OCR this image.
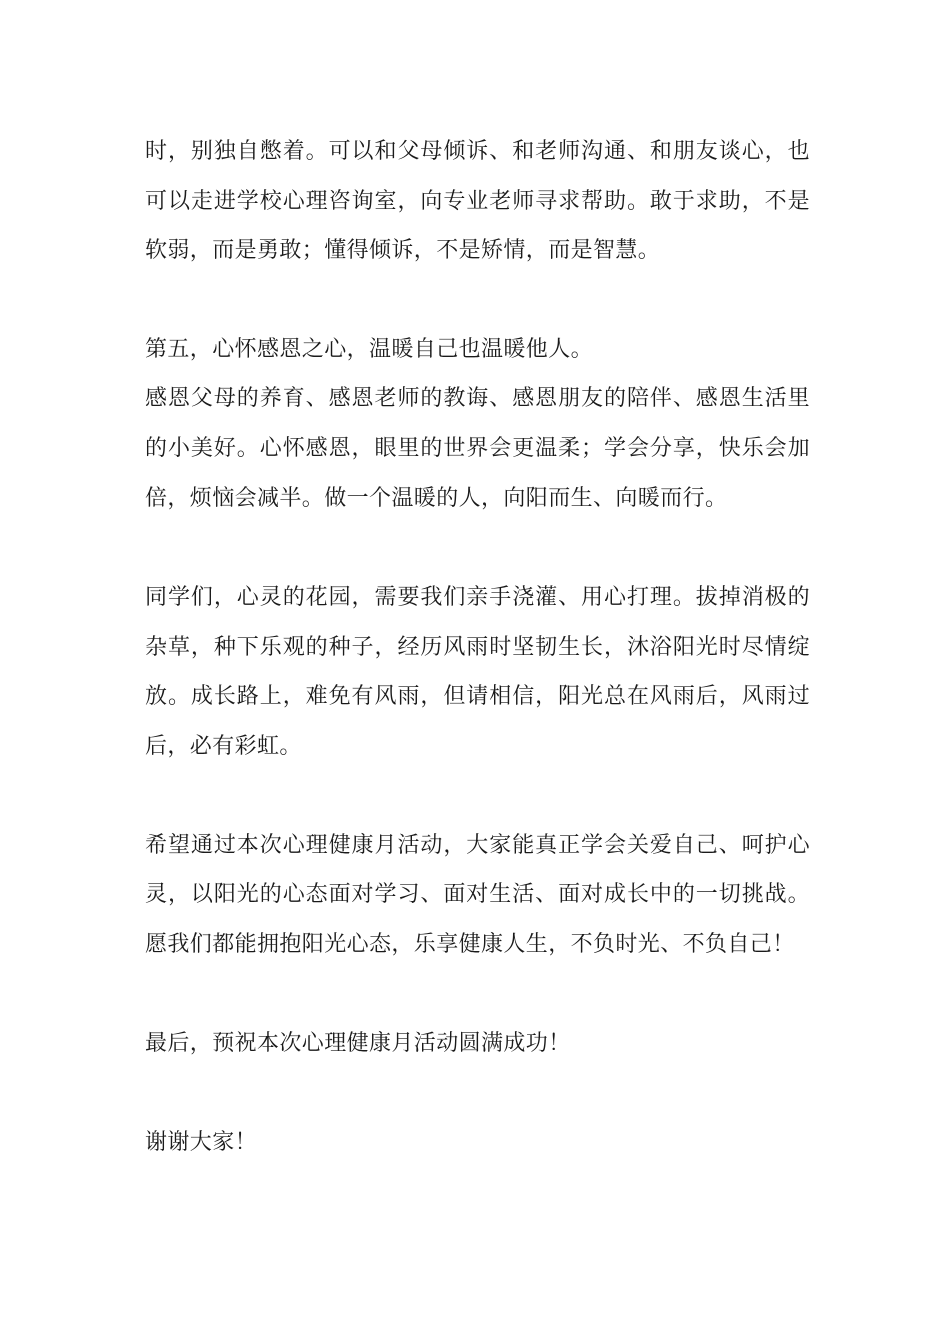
时，别独自憋着。可以和父母倾诉、和老师沟通、和朋友谈心，也
可以走进学校心理咨询室，向专业老师寻求帮助。敢于求助，不是
软弱，而是勇敢；懂得倾诉，不是矫情，而是智慧。
第五，心怀感恩之心，温暖自己也温暖他人。
感恩父母的养育、感恩老师的教诲、感恩朋友的陪伴、感恩生活里
的小美好。心怀感恩，眼里的世界会更温柔；学会分享，快乐会加
倍，烦恼会减半。做一个温暖的人，向阳而生、向暖而行。
同学们，心灵的花园，需要我们亲手浇灌、用心打理。拔掉消极的
杂草，种下乐观的种子，经历风雨时坚韧生长，沐浴阳光时尽情绽
放。成长路上，难免有风雨，但请相信，阳光总在风雨后，风雨过
后，必有彩虹。
希望通过本次心理健康月活动，大家能真正学会关爱自己、呵护心
灵，以阳光的心态面对学习、面对生活、面对成长中的一切挑战。
愿我们都能拥抱阳光心态，乐享健康人生，不负时光、不负自己！
最后，预祝本次心理健康月活动圆满成功！
谢谢大家！
